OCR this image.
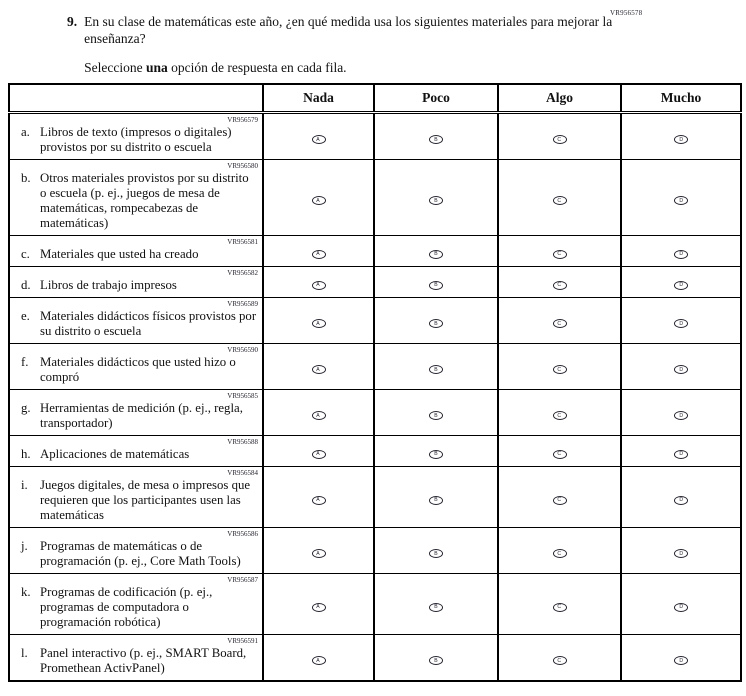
VR956578
9. En su clase de matemáticas este año, ¿en qué medida usa los siguientes materiales para mejorar la enseñanza?

Seleccione una opción de respuesta en cada fila.

	Nada	Poco	Algo	Mucho

VR956579
a. Libros de texto (impresos o digitales) provistos por su distrito o escuela	A	B	C	D

VR956580
b. Otros materiales provistos por su distrito o escuela (p. ej., juegos de mesa de matemáticas, rompecabezas de matemáticas)	A	B	C	D

VR956581
c. Materiales que usted ha creado	A	B	C	D

VR956582
d. Libros de trabajo impresos	A	B	C	D

VR956589
e. Materiales didácticos físicos provistos por su distrito o escuela	A	B	C	D

VR956590
f. Materiales didácticos que usted hizo o compró	A	B	C	D

VR956585
g. Herramientas de medición (p. ej., regla, transportador)	A	B	C	D

VR956588
h. Aplicaciones de matemáticas	A	B	C	D

VR956584
i. Juegos digitales, de mesa o impresos que requieren que los participantes usen las matemáticas	A	B	C	D

VR956586
j. Programas de matemáticas o de programación (p. ej., Core Math Tools)	A	B	C	D

VR956587
k. Programas de codificación (p. ej., programas de computadora o programación robótica)	A	B	C	D

VR956591
l. Panel interactivo (p. ej., SMART Board, Promethean ActivPanel)	A	B	C	D
